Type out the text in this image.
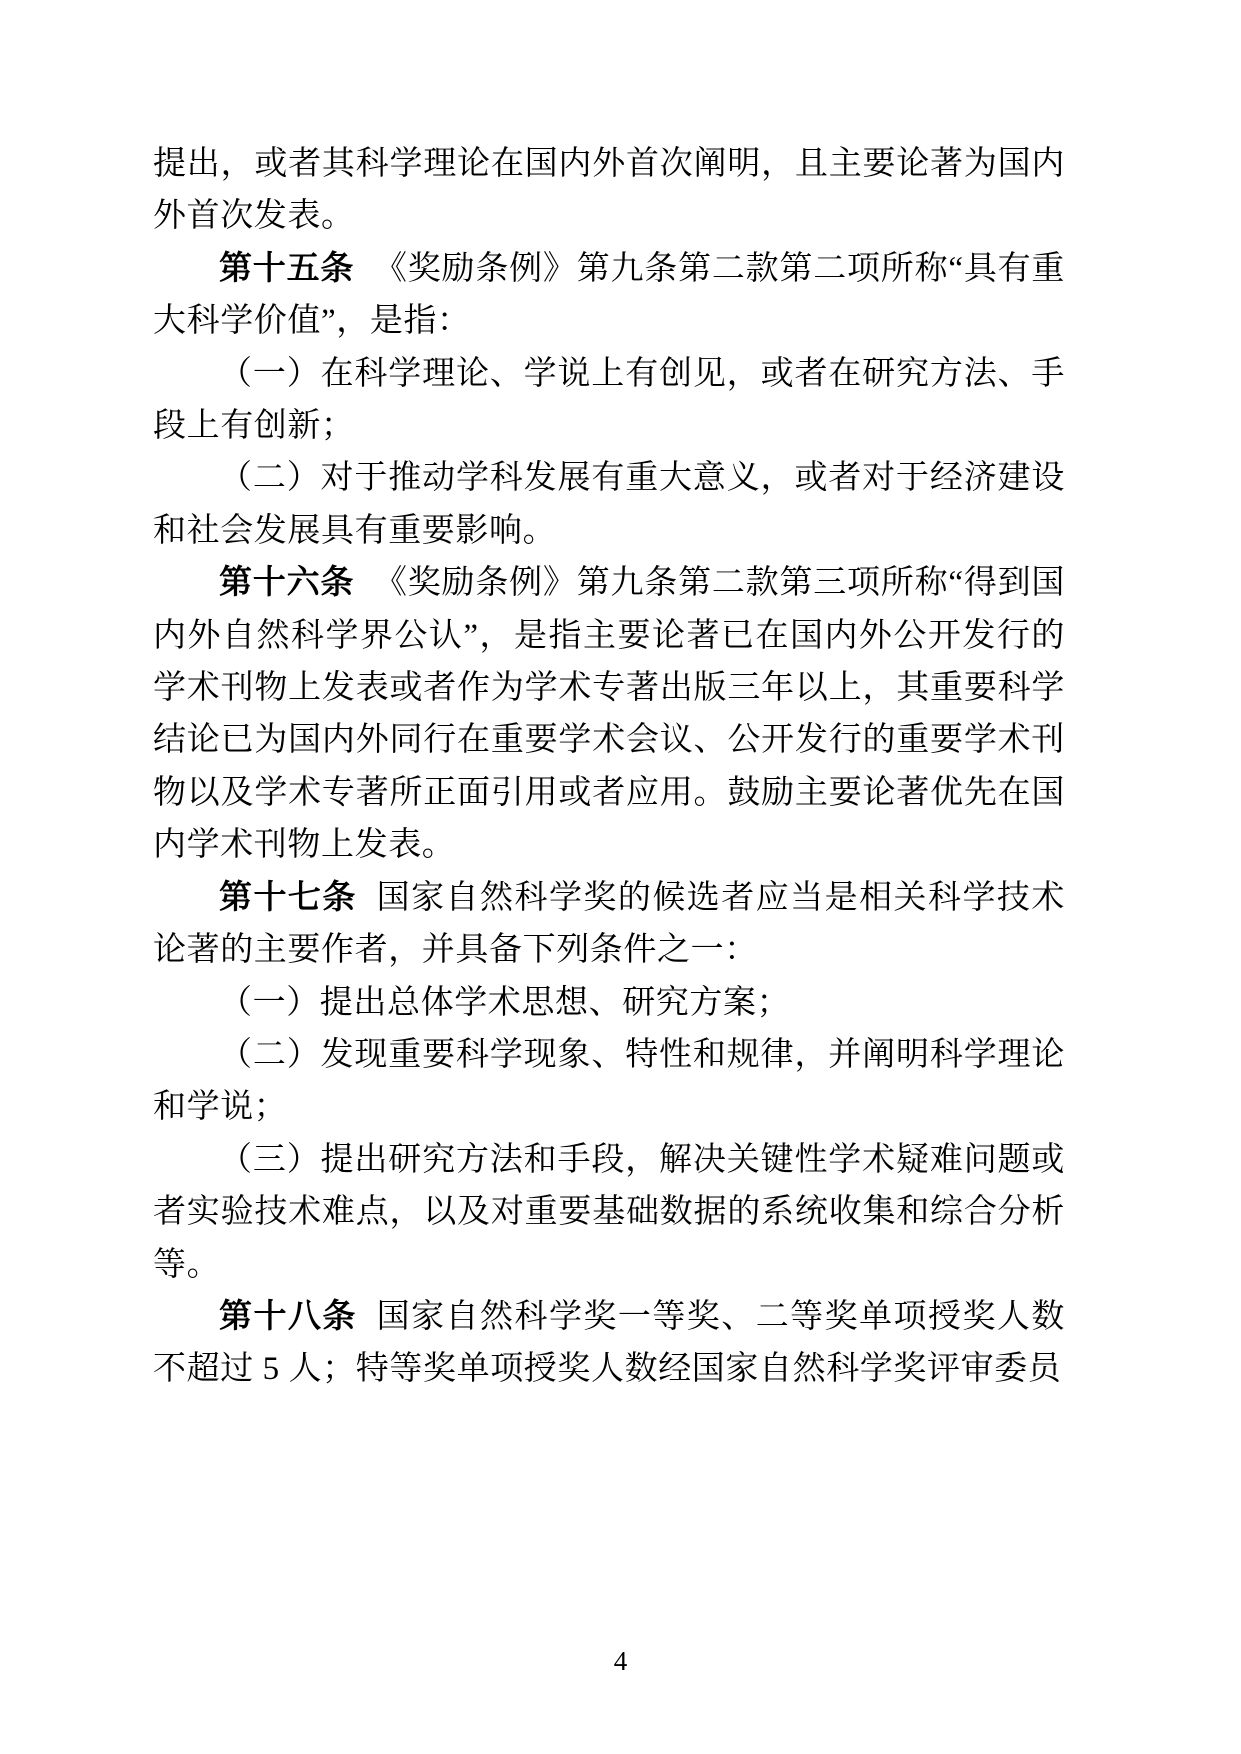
提出，或者其科学理论在国内外首次阐明，且主要论著为国内外首次发表。

第十五条 《奖励条例》第九条第二款第二项所称“具有重大科学价值”，是指：

（一）在科学理论、学说上有创见，或者在研究方法、手段上有创新；

（二）对于推动学科发展有重大意义，或者对于经济建设和社会发展具有重要影响。

第十六条 《奖励条例》第九条第二款第三项所称“得到国内外自然科学界公认”，是指主要论著已在国内外公开发行的学术刊物上发表或者作为学术专著出版三年以上，其重要科学结论已为国内外同行在重要学术会议、公开发行的重要学术刊物以及学术专著所正面引用或者应用。鼓励主要论著优先在国内学术刊物上发表。

第十七条 国家自然科学奖的候选者应当是相关科学技术论著的主要作者，并具备下列条件之一：

（一）提出总体学术思想、研究方案；

（二）发现重要科学现象、特性和规律，并阐明科学理论和学说；

（三）提出研究方法和手段，解决关键性学术疑难问题或者实验技术难点，以及对重要基础数据的系统收集和综合分析等。

第十八条 国家自然科学奖一等奖、二等奖单项授奖人数不超过 5 人；特等奖单项授奖人数经国家自然科学奖评审委员

4
